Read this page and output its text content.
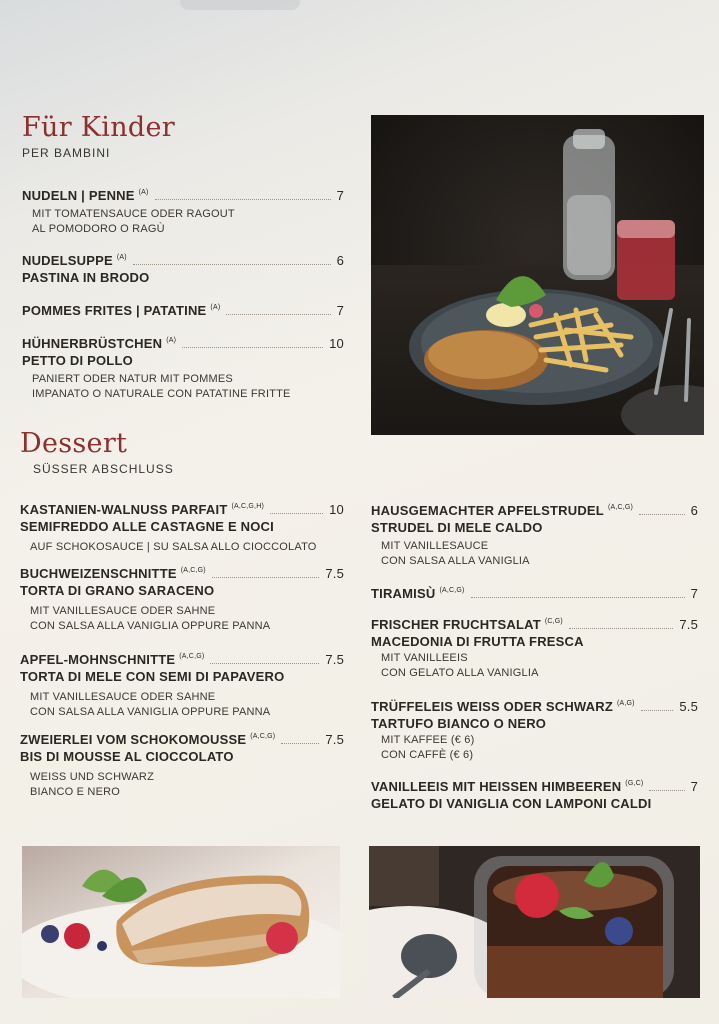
Für Kinder
PER BAMBINI
NUDELN | PENNE (A)	7
MIT TOMATENSAUCE ODER RAGOUT
AL POMODORO O RAGÙ
NUDELSUPPE (A)	6
PASTINA IN BRODO
POMMES FRITES | PATATINE (A)	7
HÜHNERBRÜSTCHEN (A)	10
PETTO DI POLLO
PANIERT ODER NATUR MIT POMMES
IMPANATO O NATURALE CON PATATINE FRITTE
Dessert
SÜSSER ABSCHLUSS
KASTANIEN-WALNUSS PARFAIT (A,C,G,H)	10
SEMIFREDDO ALLE CASTAGNE E NOCI
AUF SCHOKOSAUCE | SU SALSA ALLO CIOCCOLATO
BUCHWEIZENSCHNITTE (A,C,G)	7.5
TORTA DI GRANO SARACENO
MIT VANILLESAUCE ODER SAHNE
CON SALSA ALLA VANIGLIA OPPURE PANNA
APFEL-MOHNSCHNITTE (A,C,G)	7.5
TORTA DI MELE CON SEMI DI PAPAVERO
MIT VANILLESAUCE ODER SAHNE
CON SALSA ALLA VANIGLIA OPPURE PANNA
ZWEIERLEI VOM SCHOKOMOUSSE (A,C,G)	7.5
BIS DI MOUSSE AL CIOCCOLATO
WEISS UND SCHWARZ
BIANCO E NERO
HAUSGEMACHTER APFELSTRUDEL (A,C,G)	6
STRUDEL DI MELE CALDO
MIT VANILLESAUCE
CON SALSA ALLA VANIGLIA
TIRAMISÙ (A,C,G)	7
FRISCHER FRUCHTSALAT (C,G)	7.5
MACEDONIA DI FRUTTA FRESCA
MIT VANILLEEIS
CON GELATO ALLA VANIGLIA
TRÜFFELEIS WEISS ODER SCHWARZ (A,G)	5.5
TARTUFO BIANCO O NERO
MIT KAFFEE (€ 6)
CON CAFFÈ (€ 6)
VANILLEEIS MIT HEISSEN HIMBEEREN (G,C)	7
GELATO DI VANIGLIA CON LAMPONI CALDI
